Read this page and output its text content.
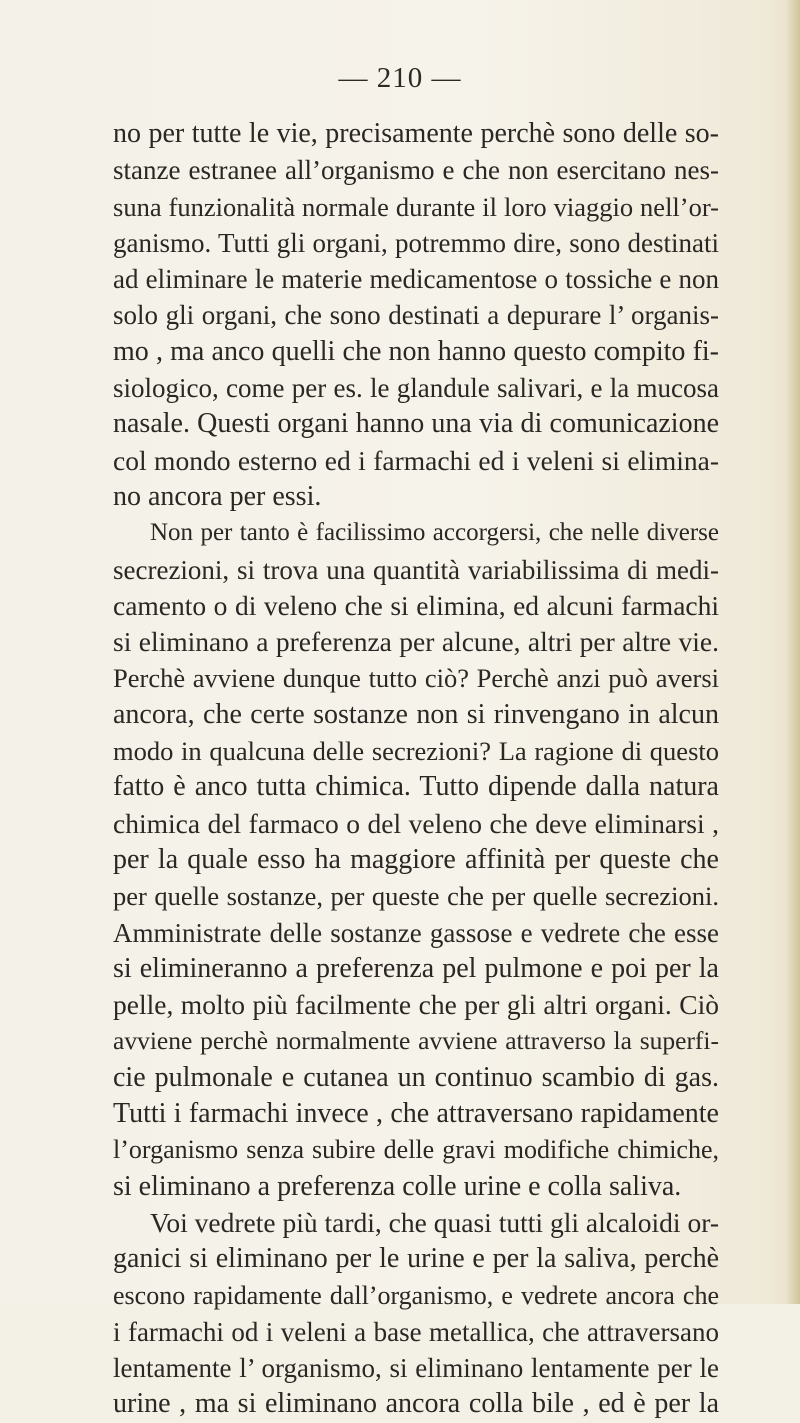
— 210 —
no per tutte le vie, precisamente perchè sono delle so-
stanze estranee all’organismo e che non esercitano nes-
suna funzionalità normale durante il loro viaggio nell’or-
ganismo. Tutti gli organi, potremmo dire, sono destinati
ad eliminare le materie medicamentose o tossiche e non
solo gli organi, che sono destinati a depurare l’ organis-
mo , ma anco quelli che non hanno questo compito fi-
siologico, come per es. le glandule salivari, e la mucosa
nasale. Questi organi hanno una via di comunicazione
col mondo esterno ed i farmachi ed i veleni si elimina-
no ancora per essi.
Non per tanto è facilissimo accorgersi, che nelle diverse
secrezioni, si trova una quantità variabilissima di medi-
camento o di veleno che si elimina, ed alcuni farmachi
si eliminano a preferenza per alcune, altri per altre vie.
Perchè avviene dunque tutto ciò? Perchè anzi può aversi
ancora, che certe sostanze non si rinvengano in alcun
modo in qualcuna delle secrezioni? La ragione di questo
fatto è anco tutta chimica. Tutto dipende dalla natura
chimica del farmaco o del veleno che deve eliminarsi ,
per la quale esso ha maggiore affinità per queste che
per quelle sostanze, per queste che per quelle secrezioni.
Amministrate delle sostanze gassose e vedrete che esse
si elimineranno a preferenza pel pulmone e poi per la
pelle, molto più facilmente che per gli altri organi. Ciò
avviene perchè normalmente avviene attraverso la superfi-
cie pulmonale e cutanea un continuo scambio di gas.
Tutti i farmachi invece , che attraversano rapidamente
l’organismo senza subire delle gravi modifiche chimiche,
si eliminano a preferenza colle urine e colla saliva.
Voi vedrete più tardi, che quasi tutti gli alcaloidi or-
ganici si eliminano per le urine e per la saliva, perchè
escono rapidamente dall’organismo, e vedrete ancora che
i farmachi od i veleni a base metallica, che attraversano
lentamente l’ organismo, si eliminano lentamente per le
urine , ma si eliminano ancora colla bile , ed è per la
